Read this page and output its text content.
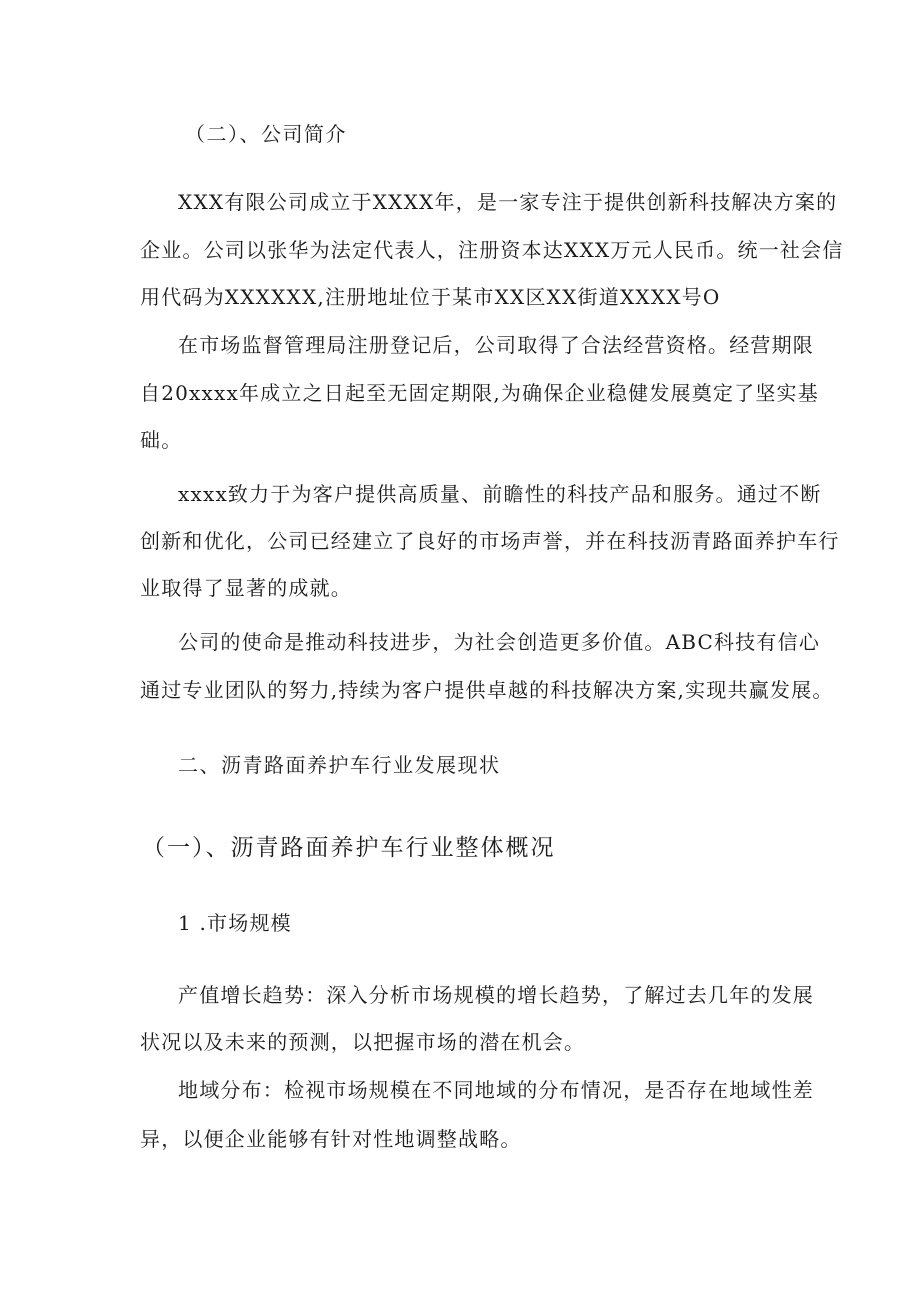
（二）、公司简介
XXX有限公司成立于XXXX年，是一家专注于提供创新科技解决方案的
企业。公司以张华为法定代表人，注册资本达XXX万元人民币。统一社会信
用代码为XXXXXX,注册地址位于某市XX区XX街道XXXX号O
在市场监督管理局注册登记后，公司取得了合法经营资格。经营期限
自20xxxx年成立之日起至无固定期限,为确保企业稳健发展奠定了坚实基
础。
xxxx致力于为客户提供高质量、前瞻性的科技产品和服务。通过不断
创新和优化，公司已经建立了良好的市场声誉，并在科技沥青路面养护车行
业取得了显著的成就。
公司的使命是推动科技进步，为社会创造更多价值。ABC科技有信心
通过专业团队的努力,持续为客户提供卓越的科技解决方案,实现共赢发展。
二、沥青路面养护车行业发展现状
（一）、沥青路面养护车行业整体概况
1 .市场规模
产值增长趋势：深入分析市场规模的增长趋势，了解过去几年的发展
状况以及未来的预测，以把握市场的潜在机会。
地域分布：检视市场规模在不同地域的分布情况，是否存在地域性差
异，以便企业能够有针对性地调整战略。
